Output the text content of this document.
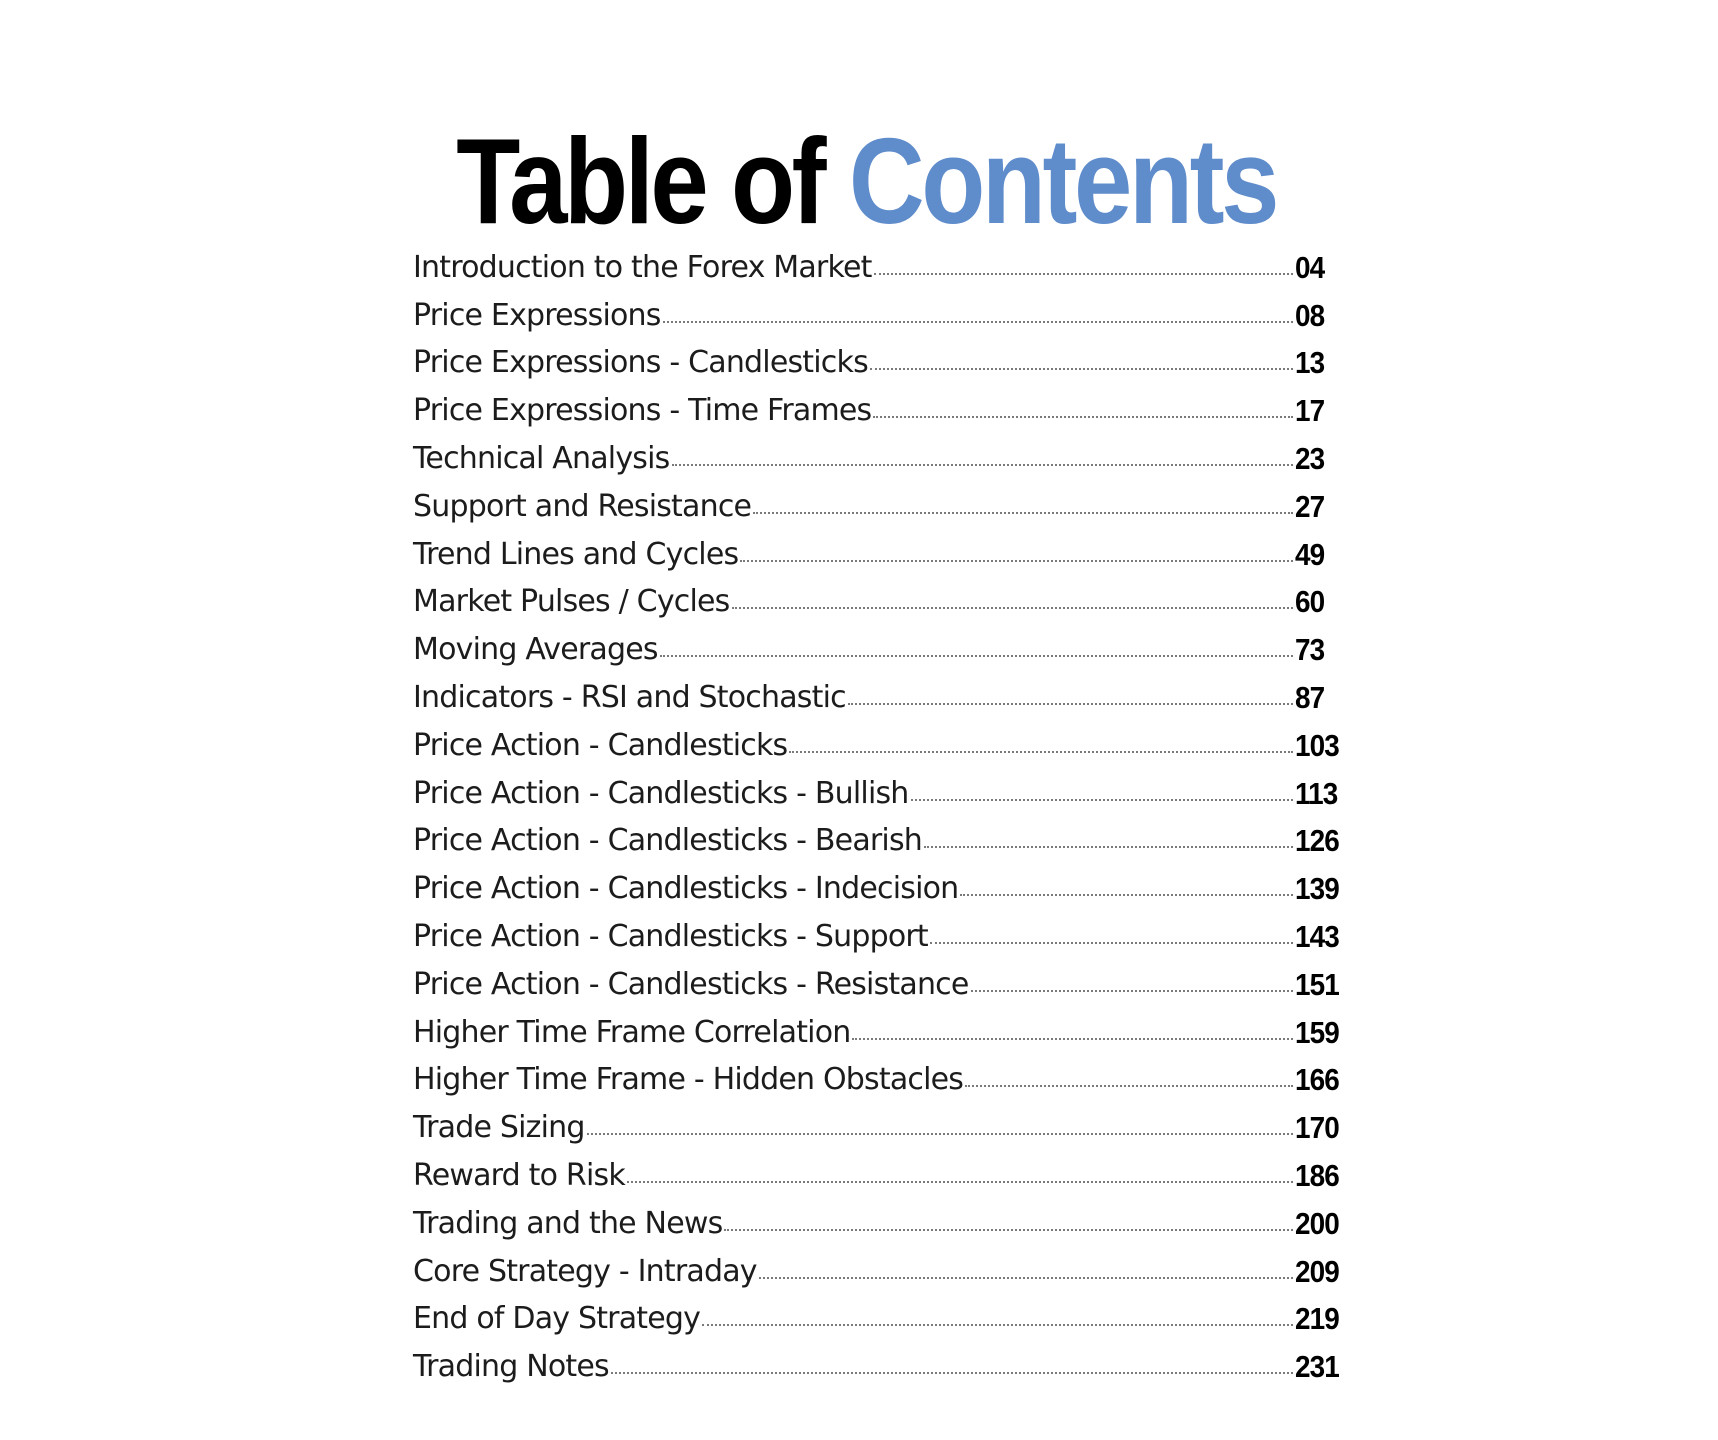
Table of Contents
Introduction to the Forex Market	04
Price Expressions	08
Price Expressions - Candlesticks	13
Price Expressions - Time Frames	17
Technical Analysis	23
Support and Resistance	27
Trend Lines and Cycles	49
Market Pulses / Cycles	60
Moving Averages	73
Indicators - RSI and Stochastic	87
Price Action - Candlesticks	103
Price Action - Candlesticks - Bullish	113
Price Action - Candlesticks - Bearish	126
Price Action - Candlesticks - Indecision	139
Price Action - Candlesticks - Support	143
Price Action - Candlesticks - Resistance	151
Higher Time Frame Correlation	159
Higher Time Frame - Hidden Obstacles	166
Trade Sizing	170
Reward to Risk	186
Trading and the News	200
Core Strategy - Intraday	209
End of Day Strategy	219
Trading Notes	231
